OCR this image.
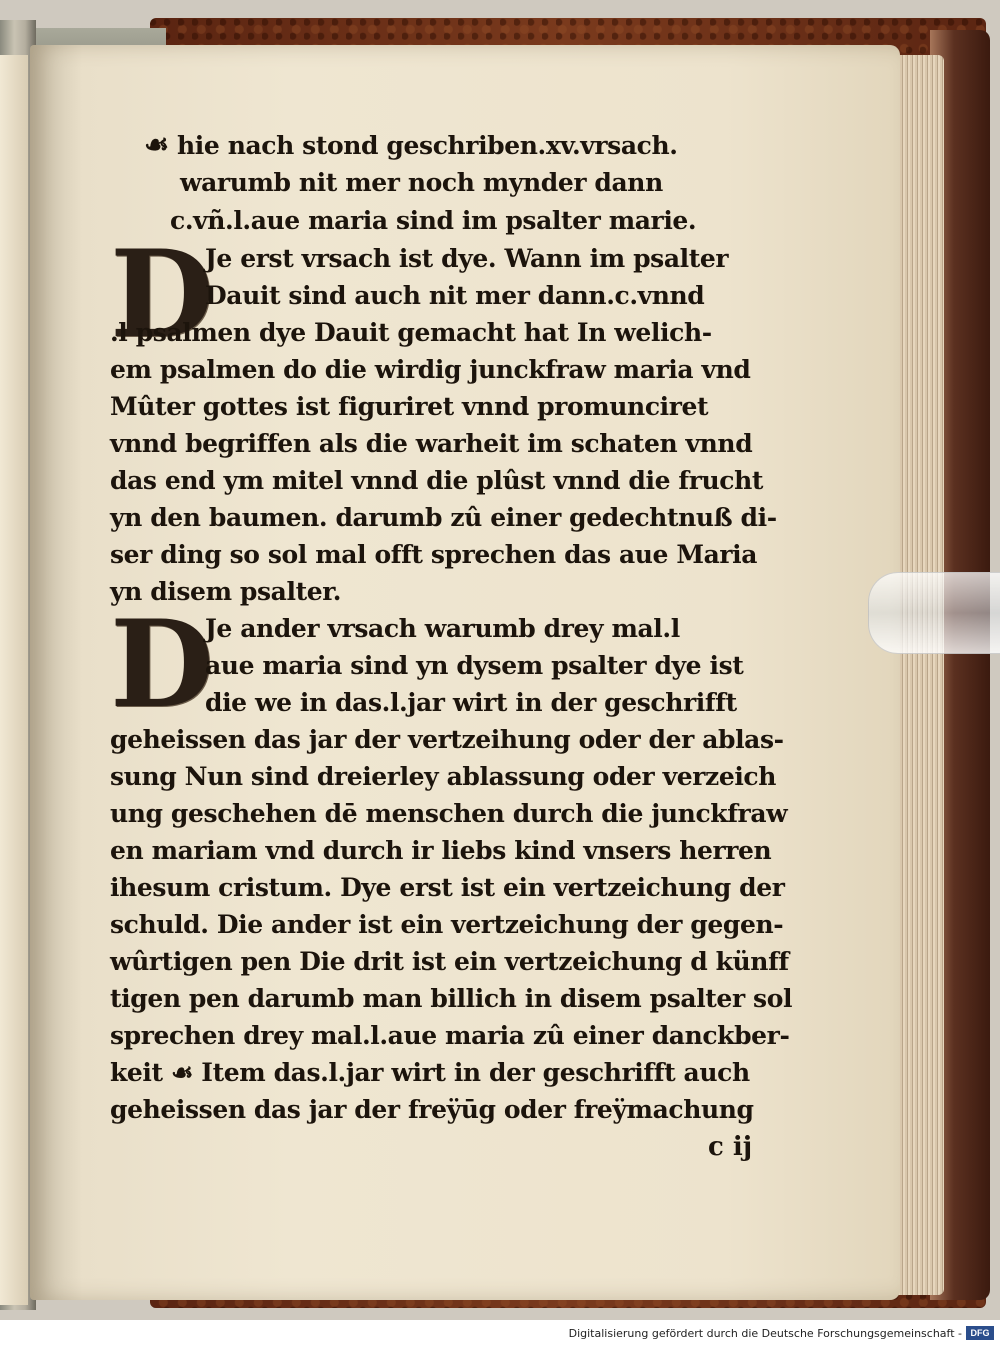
☙ hie nach stond geschriben.xv.vrsach.
warumb nit mer noch mynder dann
c.vñ.l.aue maria sind im psalter marie.
D
Je erst vrsach ist dye. Wann im psalter
Dauit sind auch nit mer dann.c.vnnd
.l psalmen dye Dauit gemacht hat In welich-
em psalmen do die wirdig junckfraw maria vnd
Mûter gottes ist figuriret vnnd promunciret
vnnd begriffen als die warheit im schaten vnnd
das end ym mitel vnnd die plûst vnnd die frucht
yn den baumen. darumb zû einer gedechtnuß di-
ser ding so sol mal offt sprechen das aue Maria
yn disem psalter.
D
Je ander vrsach warumb drey mal.l
aue maria sind yn dysem psalter dye ist
die we in das.l.jar wirt in der geschrifft
geheissen das jar der vertzeihung oder der ablas-
sung Nun sind dreierley ablassung oder verzeich
ung geschehen dē menschen durch die junckfraw
en mariam vnd durch ir liebs kind vnsers herren
ihesum cristum. Dye erst ist ein vertzeichung der
schuld. Die ander ist ein vertzeichung der gegen-
wûrtigen pen Die drit ist ein vertzeichung d künff
tigen pen darumb man billich in disem psalter sol
sprechen drey mal.l.aue maria zû einer danckber-
keit ☙ Item das.l.jar wirt in der geschrifft auch
geheissen das jar der freÿūg oder freÿmachung
c ij
Digitalisierung gefördert durch die Deutsche Forschungsgemeinschaft - DFG
